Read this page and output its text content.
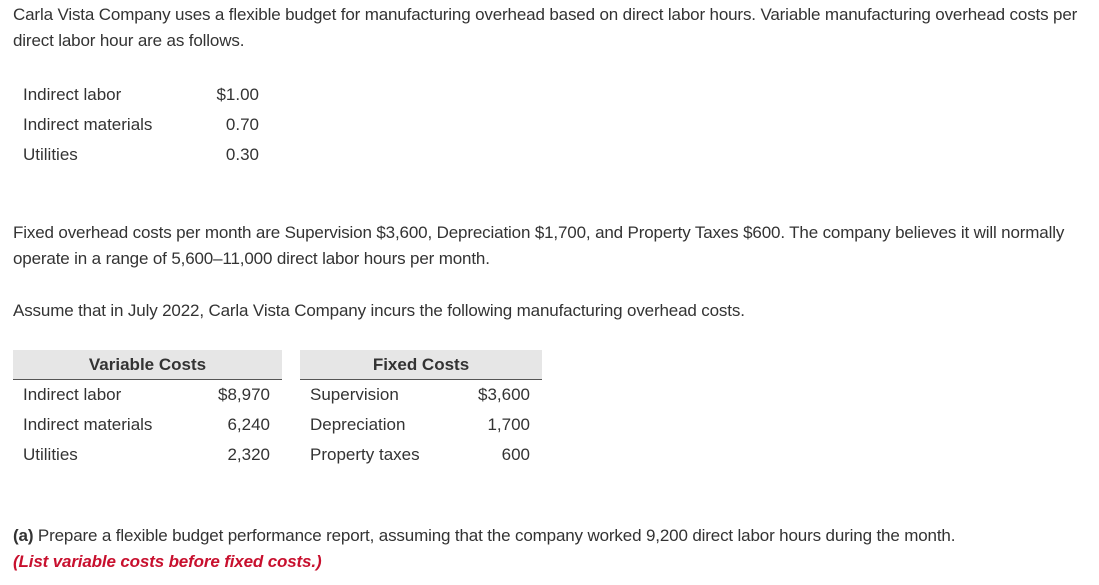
Carla Vista Company uses a flexible budget for manufacturing overhead based on direct labor hours. Variable manufacturing overhead costs per direct labor hour are as follows.

Indirect labor	$1.00
Indirect materials	0.70
Utilities	0.30

Fixed overhead costs per month are Supervision $3,600, Depreciation $1,700, and Property Taxes $600. The company believes it will normally operate in a range of 5,600–11,000 direct labor hours per month.

Assume that in July 2022, Carla Vista Company incurs the following manufacturing overhead costs.

Variable Costs	Fixed Costs
Indirect labor	$8,970 Supervision	$3,600
Indirect materials	6,240 Depreciation	1,700
Utilities	2,320 Property taxes	600

(a) Prepare a flexible budget performance report, assuming that the company worked 9,200 direct labor hours during the month.
(List variable costs before fixed costs.)
